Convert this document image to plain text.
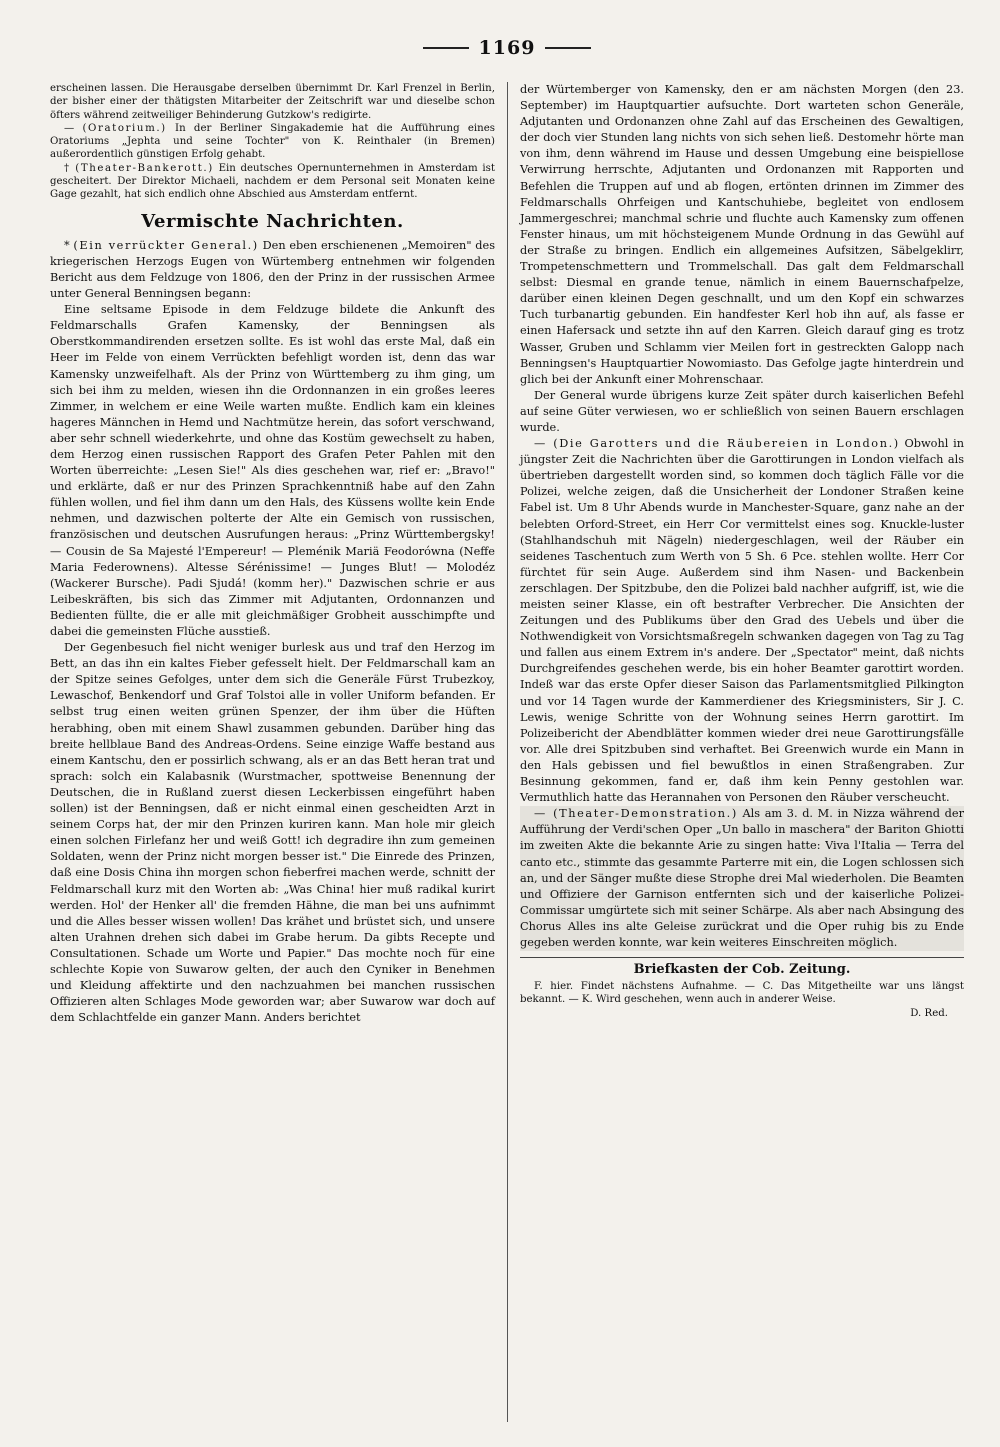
1169

erscheinen lassen. Die Herausgabe derselben übernimmt Dr. Karl Frenzel in Berlin, der bisher einer der thätigsten Mitarbeiter der Zeitschrift war und dieselbe schon öfters während zeitweiliger Behinderung Gutzkow's redigirte.

— (Oratorium.) In der Berliner Singakademie hat die Aufführung eines Oratoriums „Jephta und seine Tochter" von K. Reinthaler (in Bremen) außerordentlich günstigen Erfolg gehabt.

† (Theater-Bankerott.) Ein deutsches Opernunternehmen in Amsterdam ist gescheitert. Der Direktor Michaeli, nachdem er dem Personal seit Monaten keine Gage gezahlt, hat sich endlich ohne Abschied aus Amsterdam entfernt.

Vermischte Nachrichten.

* (Ein verrückter General.) Den eben erschienenen „Memoiren" des kriegerischen Herzogs Eugen von Würtemberg entnehmen wir folgenden Bericht aus dem Feldzuge von 1806, den der Prinz in der russischen Armee unter General Benningsen begann:

Eine seltsame Episode in dem Feldzuge bildete die Ankunft des Feldmarschalls Grafen Kamensky, der Benningsen als Oberstkommandirenden ersetzen sollte. Es ist wohl das erste Mal, daß ein Heer im Felde von einem Verrückten befehligt worden ist, denn das war Kamensky unzweifelhaft. Als der Prinz von Württemberg zu ihm ging, um sich bei ihm zu melden, wiesen ihn die Ordonnanzen in ein großes leeres Zimmer, in welchem er eine Weile warten mußte. Endlich kam ein kleines hageres Männchen in Hemd und Nachtmütze herein, das sofort verschwand, aber sehr schnell wiederkehrte, und ohne das Kostüm gewechselt zu haben, dem Herzog einen russischen Rapport des Grafen Peter Pahlen mit den Worten überreichte: „Lesen Sie!" Als dies geschehen war, rief er: „Bravo!" und erklärte, daß er nur des Prinzen Sprachkenntniß habe auf den Zahn fühlen wollen, und fiel ihm dann um den Hals, des Küssens wollte kein Ende nehmen, und dazwischen polterte der Alte ein Gemisch von russischen, französischen und deutschen Ausrufungen heraus: „Prinz Württembergsky! — Cousin de Sa Majesté l'Empereur! — Pleménik Mariä Feodorówna (Neffe Maria Federownens). Altesse Sérénissime! — Junges Blut! — Molodéz (Wackerer Bursche). Padi Sjudá! (komm her)." Dazwischen schrie er aus Leibeskräften, bis sich das Zimmer mit Adjutanten, Ordonnanzen und Bedienten füllte, die er alle mit gleichmäßiger Grobheit ausschimpfte und dabei die gemeinsten Flüche ausstieß.

Der Gegenbesuch fiel nicht weniger burlesk aus und traf den Herzog im Bett, an das ihn ein kaltes Fieber gefesselt hielt. Der Feldmarschall kam an der Spitze seines Gefolges, unter dem sich die Generäle Fürst Trubezkoy, Lewaschof, Benkendorf und Graf Tolstoi alle in voller Uniform befanden. Er selbst trug einen weiten grünen Spenzer, der ihm über die Hüften herabhing, oben mit einem Shawl zusammen gebunden. Darüber hing das breite hellblaue Band des Andreas-Ordens. Seine einzige Waffe bestand aus einem Kantschu, den er possirlich schwang, als er an das Bett heran trat und sprach: solch ein Kalabasnik (Wurstmacher, spottweise Benennung der Deutschen, die in Rußland zuerst diesen Leckerbissen eingeführt haben sollen) ist der Benningsen, daß er nicht einmal einen gescheidten Arzt in seinem Corps hat, der mir den Prinzen kuriren kann. Man hole mir gleich einen solchen Firlefanz her und weiß Gott! ich degradire ihn zum gemeinen Soldaten, wenn der Prinz nicht morgen besser ist." Die Einrede des Prinzen, daß eine Dosis China ihn morgen schon fieberfrei machen werde, schnitt der Feldmarschall kurz mit den Worten ab: „Was China! hier muß radikal kurirt werden. Hol' der Henker all' die fremden Hähne, die man bei uns aufnimmt und die Alles besser wissen wollen! Das krähet und brüstet sich, und unsere alten Urahnen drehen sich dabei im Grabe herum. Da gibts Recepte und Consultationen. Schade um Worte und Papier." Das mochte noch für eine schlechte Kopie von Suwarow gelten, der auch den Cyniker in Benehmen und Kleidung affektirte und den nachzuahmen bei manchen russischen Offizieren alten Schlages Mode geworden war; aber Suwarow war doch auf dem Schlachtfelde ein ganzer Mann. Anders berichtet

der Würtemberger von Kamensky, den er am nächsten Morgen (den 23. September) im Hauptquartier aufsuchte. Dort warteten schon Generäle, Adjutanten und Ordonanzen ohne Zahl auf das Erscheinen des Gewaltigen, der doch vier Stunden lang nichts von sich sehen ließ. Destomehr hörte man von ihm, denn während im Hause und dessen Umgebung eine beispiellose Verwirrung herrschte, Adjutanten und Ordonanzen mit Rapporten und Befehlen die Truppen auf und ab flogen, ertönten drinnen im Zimmer des Feldmarschalls Ohrfeigen und Kantschuhiebe, begleitet von endlosem Jammergeschrei; manchmal schrie und fluchte auch Kamensky zum offenen Fenster hinaus, um mit höchsteigenem Munde Ordnung in das Gewühl auf der Straße zu bringen. Endlich ein allgemeines Aufsitzen, Säbelgeklirr, Trompetenschmettern und Trommelschall. Das galt dem Feldmarschall selbst: Diesmal en grande tenue, nämlich in einem Bauernschafpelze, darüber einen kleinen Degen geschnallt, und um den Kopf ein schwarzes Tuch turbanartig gebunden. Ein handfester Kerl hob ihn auf, als fasse er einen Hafersack und setzte ihn auf den Karren. Gleich darauf ging es trotz Wasser, Gruben und Schlamm vier Meilen fort in gestreckten Galopp nach Benningsen's Hauptquartier Nowomiasto. Das Gefolge jagte hinterdrein und glich bei der Ankunft einer Mohrenschaar.

Der General wurde übrigens kurze Zeit später durch kaiserlichen Befehl auf seine Güter verwiesen, wo er schließlich von seinen Bauern erschlagen wurde.

— (Die Garotters und die Räubereien in London.) Obwohl in jüngster Zeit die Nachrichten über die Garottirungen in London vielfach als übertrieben dargestellt worden sind, so kommen doch täglich Fälle vor die Polizei, welche zeigen, daß die Unsicherheit der Londoner Straßen keine Fabel ist. Um 8 Uhr Abends wurde in Manchester-Square, ganz nahe an der belebten Orford-Street, ein Herr Cor vermittelst eines sog. Knuckle-luster (Stahlhandschuh mit Nägeln) niedergeschlagen, weil der Räuber ein seidenes Taschentuch zum Werth von 5 Sh. 6 Pce. stehlen wollte. Herr Cor fürchtet für sein Auge. Außerdem sind ihm Nasen- und Backenbein zerschlagen. Der Spitzbube, den die Polizei bald nachher aufgriff, ist, wie die meisten seiner Klasse, ein oft bestrafter Verbrecher. Die Ansichten der Zeitungen und des Publikums über den Grad des Uebels und über die Nothwendigkeit von Vorsichtsmaßregeln schwanken dagegen von Tag zu Tag und fallen aus einem Extrem in's andere. Der „Spectator" meint, daß nichts Durchgreifendes geschehen werde, bis ein hoher Beamter garottirt worden. Indeß war das erste Opfer dieser Saison das Parlamentsmitglied Pilkington und vor 14 Tagen wurde der Kammerdiener des Kriegsministers, Sir J. C. Lewis, wenige Schritte von der Wohnung seines Herrn garottirt. Im Polizeibericht der Abendblätter kommen wieder drei neue Garottirungsfälle vor. Alle drei Spitzbuben sind verhaftet. Bei Greenwich wurde ein Mann in den Hals gebissen und fiel bewußtlos in einen Straßengraben. Zur Besinnung gekommen, fand er, daß ihm kein Penny gestohlen war. Vermuthlich hatte das Herannahen von Personen den Räuber verscheucht.

— (Theater-Demonstration.) Als am 3. d. M. in Nizza während der Aufführung der Verdi'schen Oper „Un ballo in maschera" der Bariton Ghiotti im zweiten Akte die bekannte Arie zu singen hatte: Viva l'Italia — Terra del canto etc., stimmte das gesammte Parterre mit ein, die Logen schlossen sich an, und der Sänger mußte diese Strophe drei Mal wiederholen. Die Beamten und Offiziere der Garnison entfernten sich und der kaiserliche Polizei-Commissar umgürtete sich mit seiner Schärpe. Als aber nach Absingung des Chorus Alles ins alte Geleise zurückrat und die Oper ruhig bis zu Ende gegeben werden konnte, war kein weiteres Einschreiten möglich.

Briefkasten der Cob. Zeitung.

F. hier. Findet nächstens Aufnahme. — C. Das Mitgetheilte war uns längst bekannt. — K. Wird geschehen, wenn auch in anderer Weise.

D. Red.
